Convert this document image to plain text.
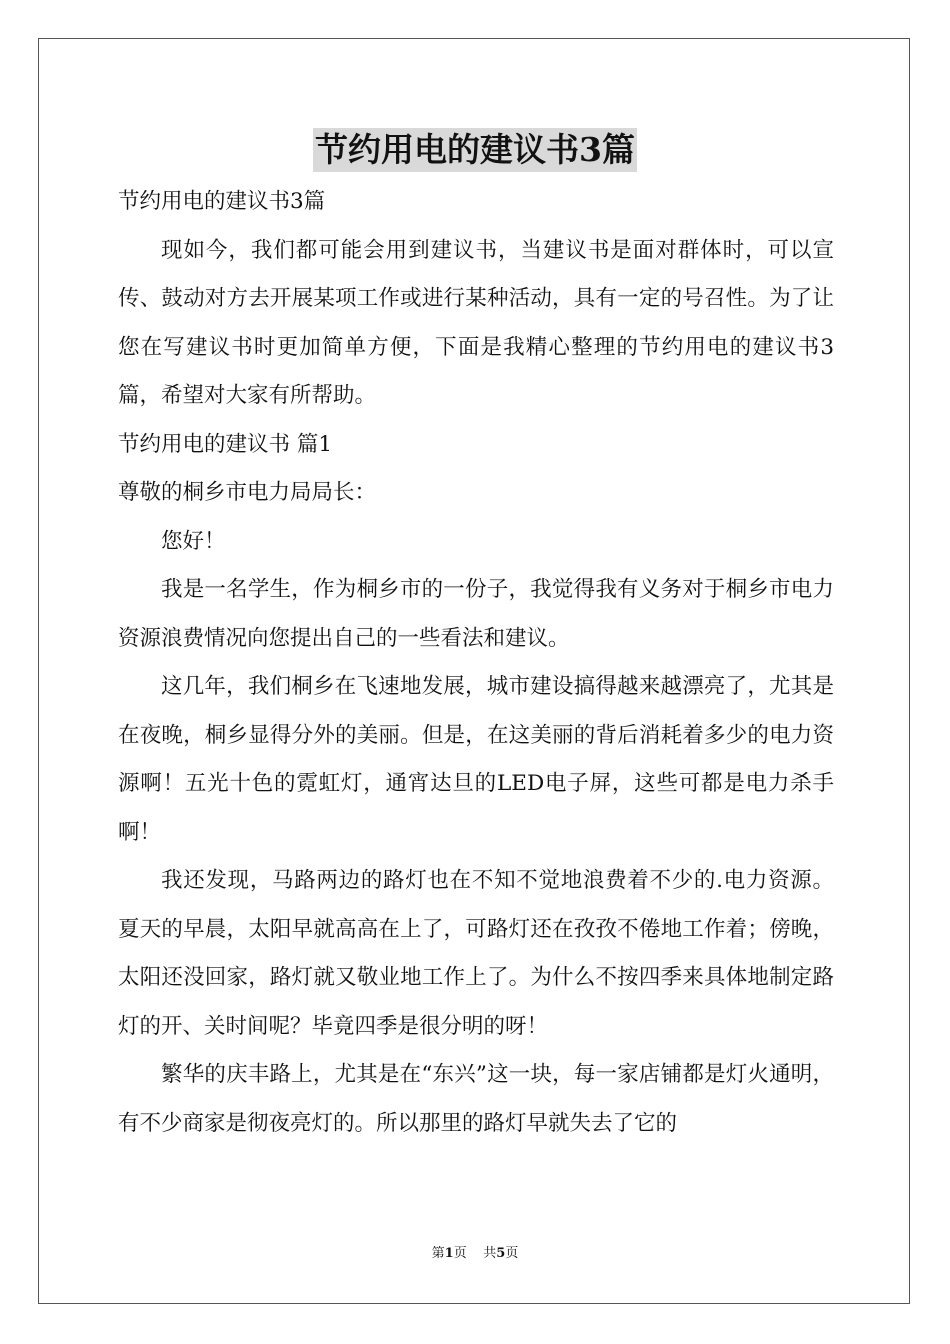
节约用电的建议书3篇

节约用电的建议书3篇

现如今，我们都可能会用到建议书，当建议书是面对群体时，可以宣传、鼓动对方去开展某项工作或进行某种活动，具有一定的号召性。为了让您在写建议书时更加简单方便，下面是我精心整理的节约用电的建议书3篇，希望对大家有所帮助。

节约用电的建议书 篇1

尊敬的桐乡市电力局局长：

您好！

我是一名学生，作为桐乡市的一份子，我觉得我有义务对于桐乡市电力资源浪费情况向您提出自己的一些看法和建议。

这几年，我们桐乡在飞速地发展，城市建设搞得越来越漂亮了，尤其是在夜晚，桐乡显得分外的美丽。但是，在这美丽的背后消耗着多少的电力资源啊！五光十色的霓虹灯，通宵达旦的LED电子屏，这些可都是电力杀手啊！

我还发现，马路两边的路灯也在不知不觉地浪费着不少的.电力资源。夏天的早晨，太阳早就高高在上了，可路灯还在孜孜不倦地工作着；傍晚，太阳还没回家，路灯就又敬业地工作上了。为什么不按四季来具体地制定路灯的开、关时间呢？毕竟四季是很分明的呀！

繁华的庆丰路上，尤其是在“东兴”这一块，每一家店铺都是灯火通明，有不少商家是彻夜亮灯的。所以那里的路灯早就失去了它的

第1页 共5页
